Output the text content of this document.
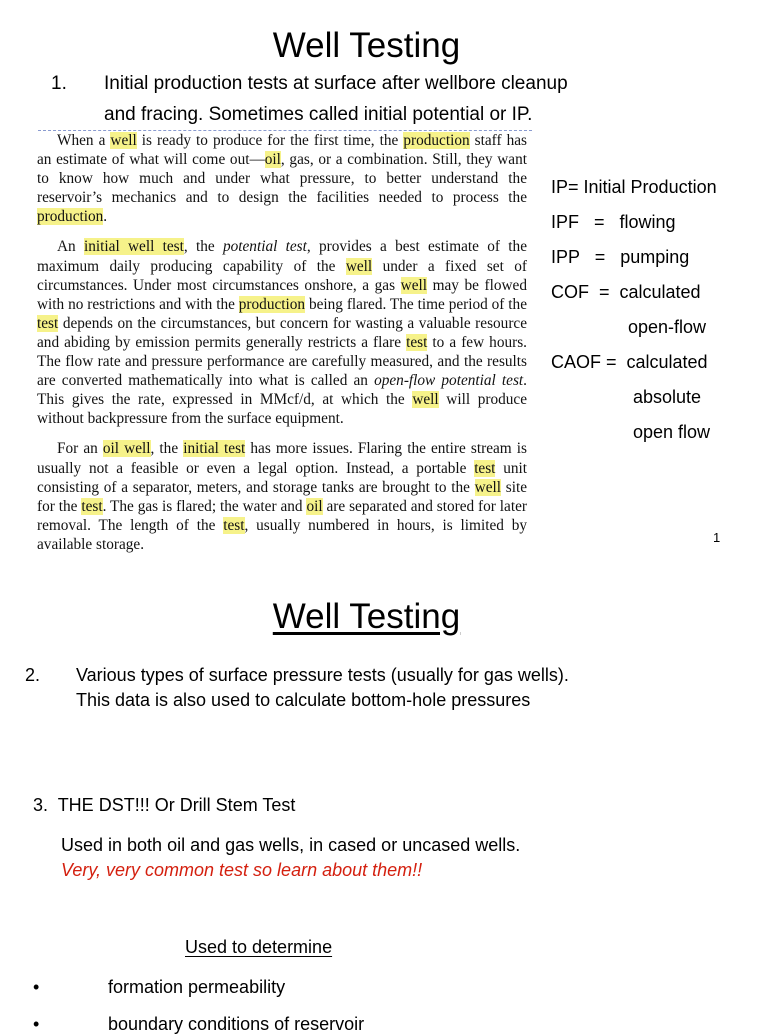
Well Testing
1. Initial production tests at surface after wellbore cleanup
and fracing. Sometimes called initial potential or IP.

When a well is ready to produce for the first time, the production staff has an estimate of what will come out—oil, gas, or a combination. Still, they want to know how much and under what pressure, to better understand the reservoir’s mechanics and to design the facilities needed to process the production.

An initial well test, the potential test, provides a best estimate of the maximum daily producing capability of the well under a fixed set of circumstances. Under most circumstances onshore, a gas well may be flowed with no restrictions and with the production being flared. The time period of the test depends on the circumstances, but concern for wasting a valuable resource and abiding by emission permits generally restricts a flare test to a few hours. The flow rate and pressure performance are carefully measured, and the results are converted mathematically into what is called an open-flow potential test. This gives the rate, expressed in MMcf/d, at which the well will produce without backpressure from the surface equipment.

For an oil well, the initial test has more issues. Flaring the entire stream is usually not a feasible or even a legal option. Instead, a portable test unit consisting of a separator, meters, and storage tanks are brought to the well site for the test. The gas is flared; the water and oil are separated and stored for later removal. The length of the test, usually numbered in hours, is limited by available storage.

IP= Initial Production
IPF   =   flowing
IPP   =   pumping
COF  =  calculated
open-flow
CAOF =  calculated
absolute
open flow
1
Well Testing
2. Various types of surface pressure tests (usually for gas wells).
This data is also used to calculate bottom-hole pressures
3.  THE DST!!! Or Drill Stem Test
Used in both oil and gas wells, in cased or uncased wells.
Very, very common test so learn about them!!
Used to determine
•	formation permeability
•	boundary conditions of reservoir
